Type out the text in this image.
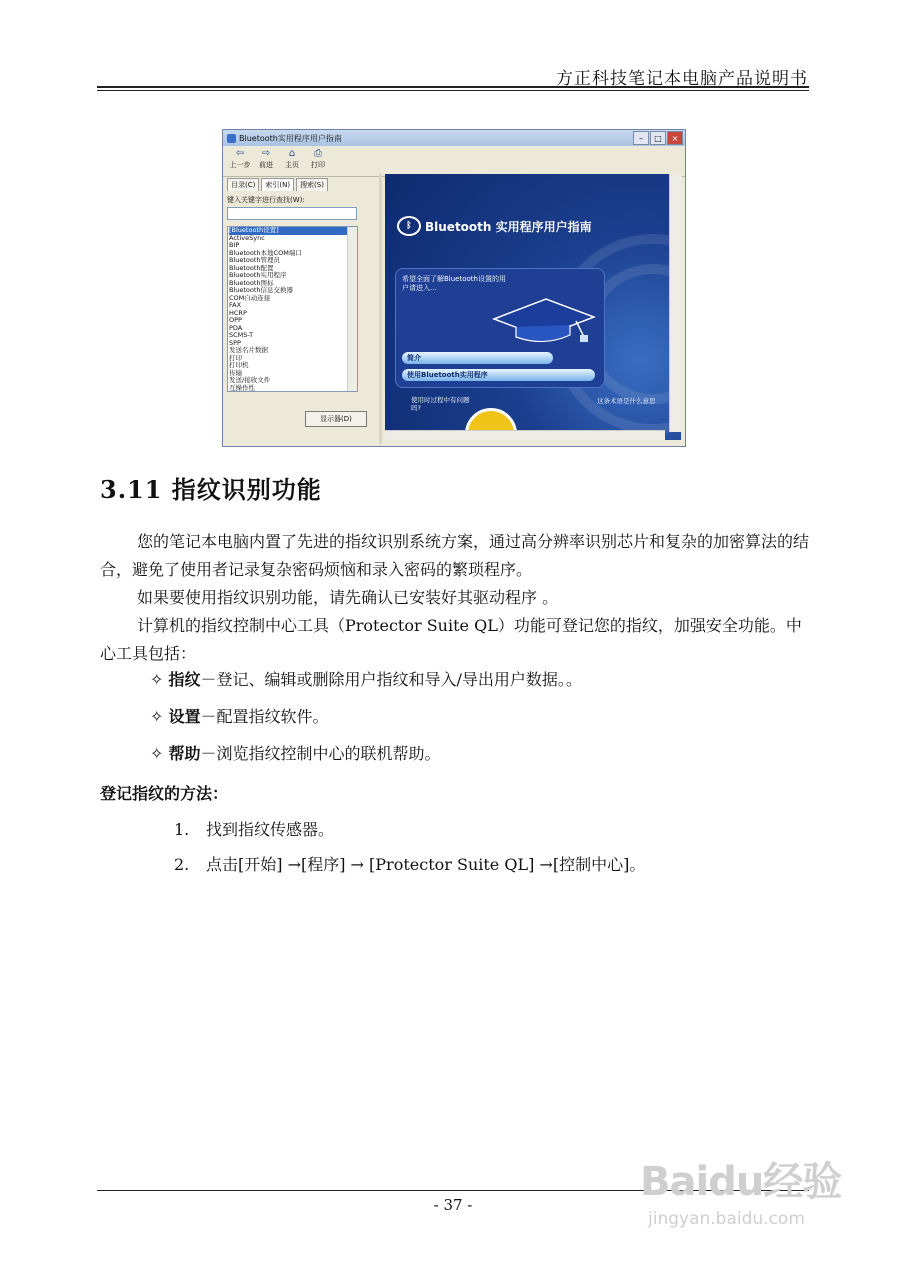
方正科技笔记本电脑产品说明书
Bluetooth实用程序用户指南	–	□	×
⇦
上一步
⇨
前进
⌂
主页
⎙
打印
目录(C)	索引(N)	搜索(S)
键入关键字进行查找(W):
[Bluetooth设置]
ActiveSync
BIP
Bluetooth本地COM端口
Bluetooth管理员
Bluetooth配置
Bluetooth实用程序
Bluetooth图标
Bluetooth信息交换器
COM自动连接
FAX
HCRP
OPP
PDA
SCMS-T
SPP
发送名片数据
打印
打印机
传输
发送/接收文件
互操作性
显示器(D)
ᛒ	Bluetooth 实用程序用户指南
希望全面了解Bluetooth设置的用户请进入...
简介
使用Bluetooth实用程序
使用时过程中有问题吗?
这条术语是什么意思
3.11 指纹识别功能
您的笔记本电脑内置了先进的指纹识别系统方案，通过高分辨率识别芯片和复杂的加密算法的结合，避免了使用者记录复杂密码烦恼和录入密码的繁琐程序。
如果要使用指纹识别功能，请先确认已安装好其驱动程序 。
计算机的指纹控制中心工具（Protector Suite QL）功能可登记您的指纹，加强安全功能。中心工具包括：
✧ 指纹－登记、编辑或删除用户指纹和导入/导出用户数据。。
✧ 设置－配置指纹软件。
✧ 帮助－浏览指纹控制中心的联机帮助。
登记指纹的方法：
1. 找到指纹传感器。
2. 点击[开始] →[程序] → [Protector Suite QL] →[控制中心]。
- 37 -	Baidu经验
jingyan.baidu.com
